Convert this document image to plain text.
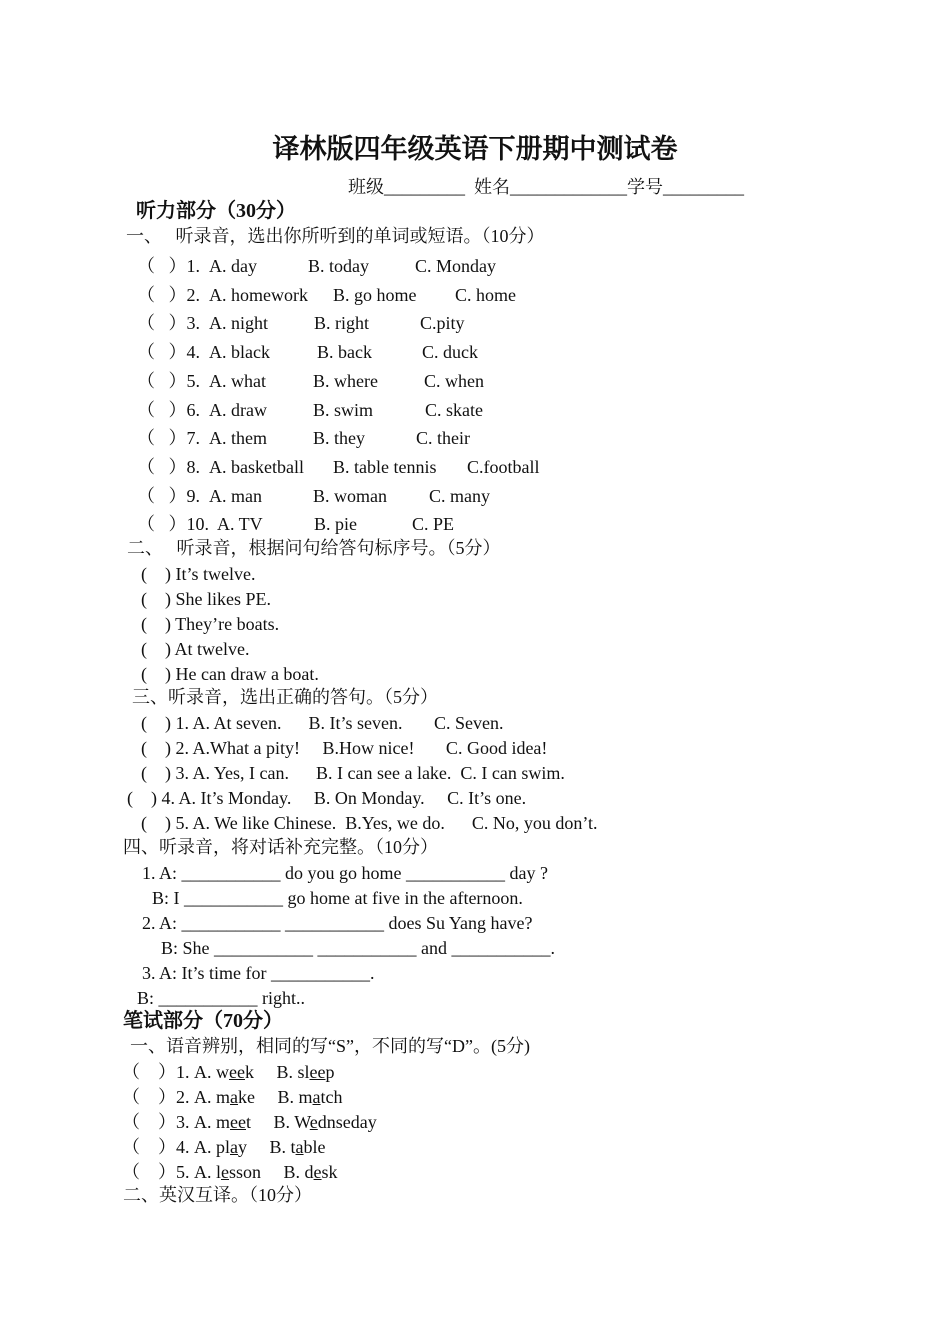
译林版四年级英语下册期中测试卷
班级_________  姓名_____________学号_________
听力部分（30分）
一、   听录音，选出你所听到的单词或短语。（10分）
（   ）1. A. day	B. today	C. Monday
（   ）2. A. homework B. go home C. home
（   ）3. A. night	B. right	C.pity
（   ）4. A. black	B. back	C. duck
（   ）5. A. what	B. where	C. when
（   ）6. A. draw	B. swim	C. skate
（   ）7. A. them	B. they	C. their
（   ）8. A. basketball B. table tennis C.football
（   ）9. A. man	B. woman C. many
（   ）10. A. TV	B. pie	C. PE
二、   听录音，根据问句给答句标序号。（5分）
(    ) It’s twelve.
(    ) She likes PE.
(    ) They’re boats.
(    ) At twelve.
(    ) He can draw a boat.
三、听录音，选出正确的答句。（5分）
(    ) 1. A. At seven.      B. It’s seven.       C. Seven.
(    ) 2. A.What a pity!     B.How nice!       C. Good idea!
(    ) 3. A. Yes, I can.      B. I can see a lake.  C. I can swim.
(    ) 4. A. It’s Monday.     B. On Monday.     C. It’s one.
(    ) 5. A. We like Chinese.  B.Yes, we do.      C. No, you don’t.
四、听录音，将对话补充完整。（10分）
1. A: ___________ do you go home ___________ day ?
B: I ___________ go home at five in the afternoon.
2. A: ___________ ___________ does Su Yang have?
B: She ___________ ___________ and ___________.
3. A: It’s time for ___________.
B: ___________ right..
笔试部分（70分）
一、语音辨别，相同的写“S”，不同的写“D”。(5分)
（    ）1. A. week B. sleep
（    ）2. A. make B. match
（    ）3. A. meet B. Wednseday
（    ）4. A. play B. table
（    ）5. A. lesson B. desk
二、英汉互译。（10分）
